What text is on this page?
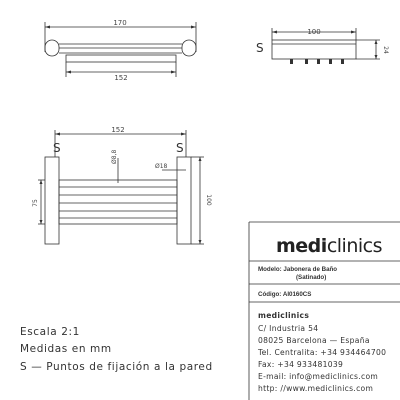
170
152
S
100
24
152
S	S
Ø8,8
Ø18
75	100
Escala 2:1
Medidas en mm
S — Puntos de fijación a la pared
mediclinics
Modelo: Jabonera de Baño
(Satinado)
Código: AI0160CS
mediclinics
C/ Industria 54
08025 Barcelona — España
Tel. Centralita: +34 934464700
Fax: +34 933481039
E-mail: info@mediclinics.com
http: //www.mediclinics.com
